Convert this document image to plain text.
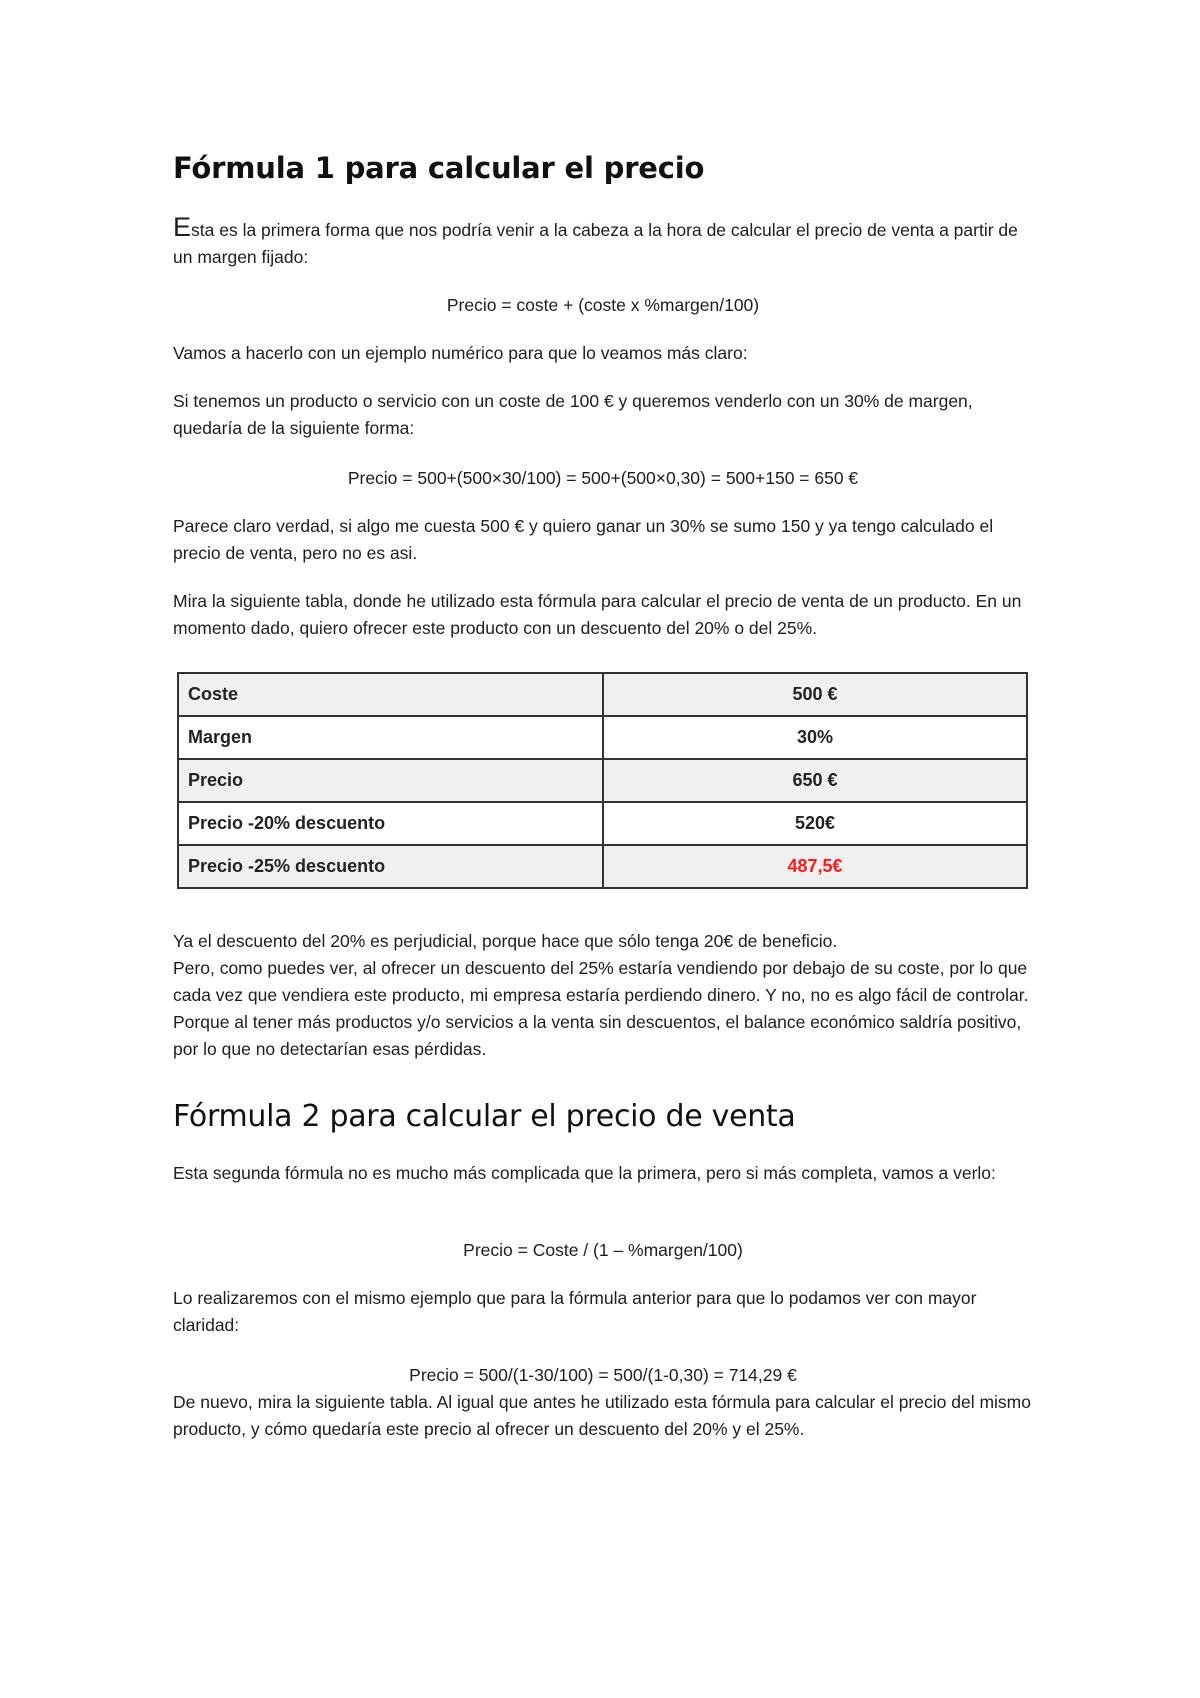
Fórmula 1 para calcular el precio

Esta es la primera forma que nos podría venir a la cabeza a la hora de calcular el precio de venta a partir de un margen fijado:

Precio = coste + (coste x %margen/100)

Vamos a hacerlo con un ejemplo numérico para que lo veamos más claro:

Si tenemos un producto o servicio con un coste de 100 € y queremos venderlo con un 30% de margen, quedaría de la siguiente forma:

Precio = 500+(500×30/100) = 500+(500×0,30) = 500+150 = 650 €

Parece claro verdad, si algo me cuesta 500 € y quiero ganar un 30% se sumo 150 y ya tengo calculado el precio de venta, pero no es asi.

Mira la siguiente tabla, donde he utilizado esta fórmula para calcular el precio de venta de un producto. En un momento dado, quiero ofrecer este producto con un descuento del 20% o del 25%.

Coste	500 €
Margen	30%
Precio	650 €
Precio -20% descuento	520€
Precio -25% descuento	487,5€

Ya el descuento del 20% es perjudicial, porque hace que sólo tenga 20€ de beneficio.

Pero, como puedes ver, al ofrecer un descuento del 25% estaría vendiendo por debajo de su coste, por lo que cada vez que vendiera este producto, mi empresa estaría perdiendo dinero. Y no, no es algo fácil de controlar. Porque al tener más productos y/o servicios a la venta sin descuentos, el balance económico saldría positivo, por lo que no detectarían esas pérdidas.

Fórmula 2 para calcular el precio de venta

Esta segunda fórmula no es mucho más complicada que la primera, pero si más completa, vamos a verlo:

Precio = Coste / (1 – %margen/100)

Lo realizaremos con el mismo ejemplo que para la fórmula anterior para que lo podamos ver con mayor claridad:

Precio = 500/(1-30/100) = 500/(1-0,30) = 714,29 €

De nuevo, mira la siguiente tabla. Al igual que antes he utilizado esta fórmula para calcular el precio del mismo producto, y cómo quedaría este precio al ofrecer un descuento del 20% y el 25%.
